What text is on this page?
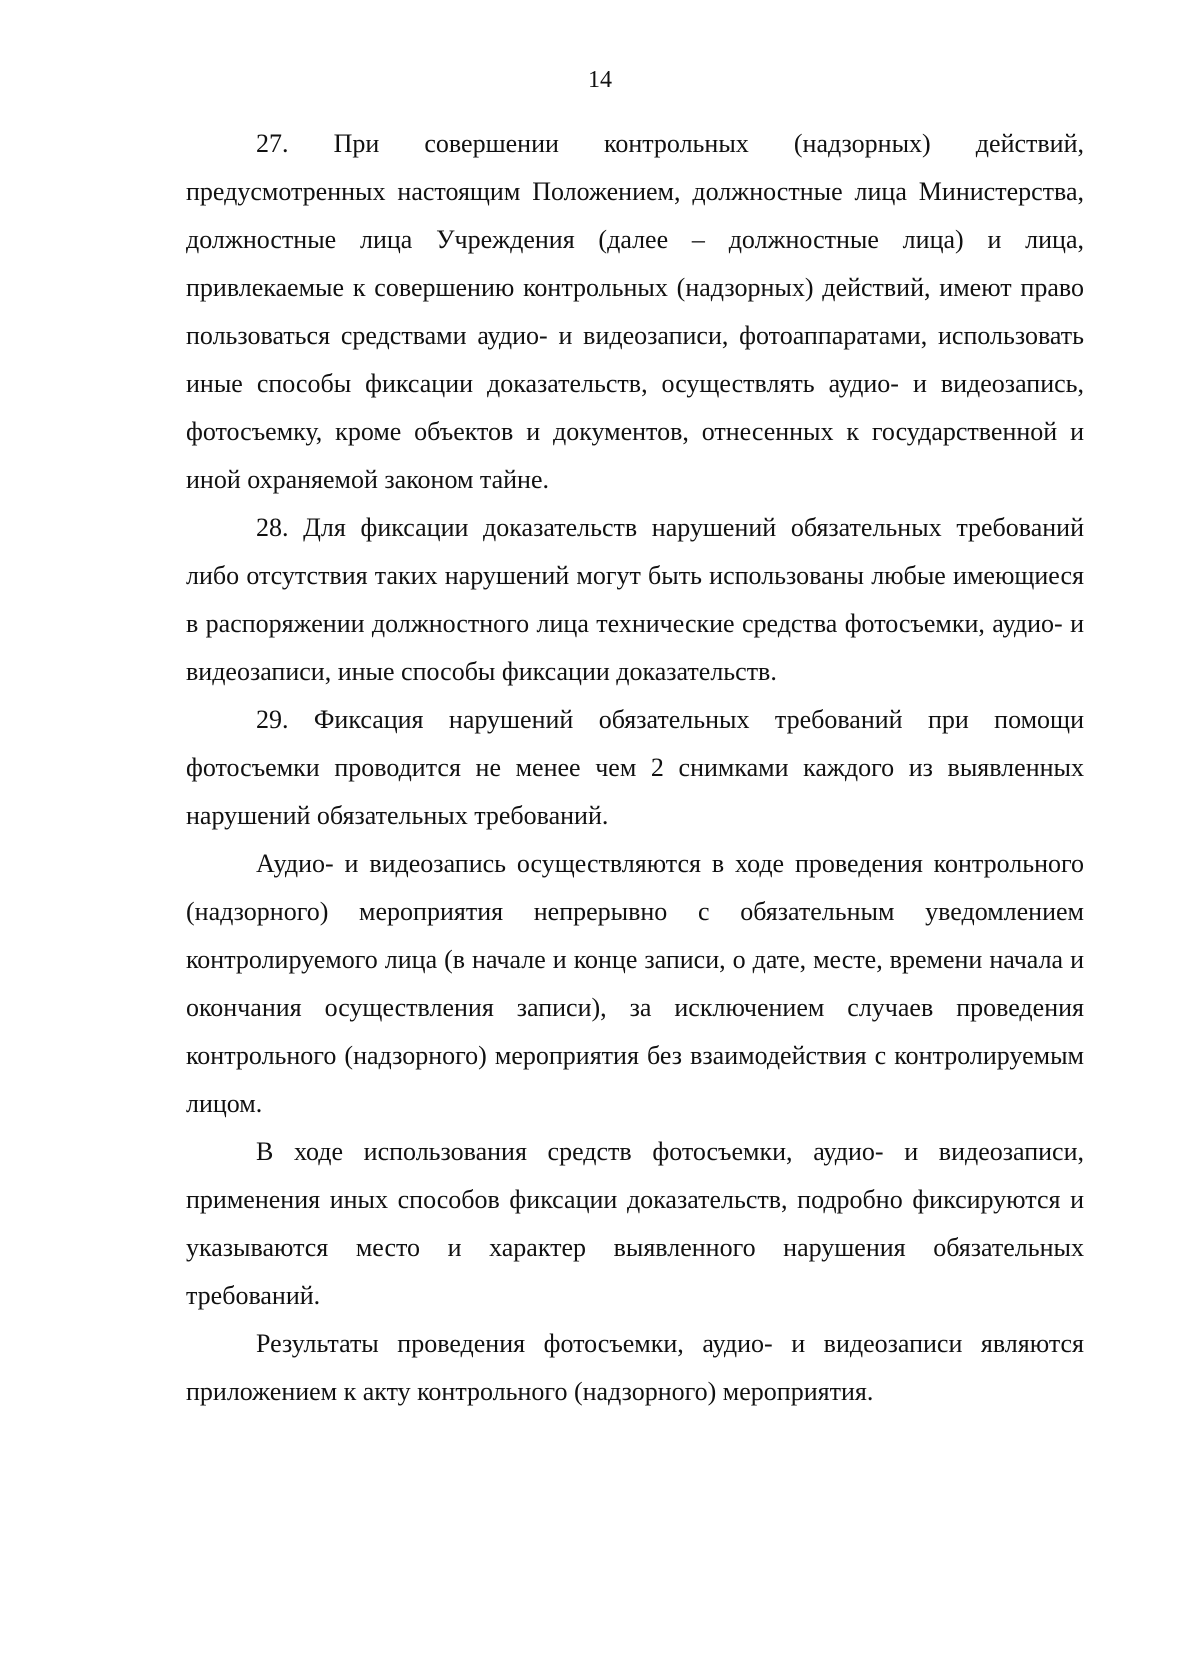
14

27. При совершении контрольных (надзорных) действий, предусмотренных настоящим Положением, должностные лица Министерства, должностные лица Учреждения (далее – должностные лица) и лица, привлекаемые к совершению контрольных (надзорных) действий, имеют право пользоваться средствами аудио- и видеозаписи, фотоаппаратами, использовать иные способы фиксации доказательств, осуществлять аудио- и видеозапись, фотосъемку, кроме объектов и документов, отнесенных к государственной и иной охраняемой законом тайне.

28. Для фиксации доказательств нарушений обязательных требований либо отсутствия таких нарушений могут быть использованы любые имеющиеся в распоряжении должностного лица технические средства фотосъемки, аудио- и видеозаписи, иные способы фиксации доказательств.

29. Фиксация нарушений обязательных требований при помощи фотосъемки проводится не менее чем 2 снимками каждого из выявленных нарушений обязательных требований.

Аудио- и видеозапись осуществляются в ходе проведения контрольного (надзорного) мероприятия непрерывно с обязательным уведомлением контролируемого лица (в начале и конце записи, о дате, месте, времени начала и окончания осуществления записи), за исключением случаев проведения контрольного (надзорного) мероприятия без взаимодействия с контролируемым лицом.

В ходе использования средств фотосъемки, аудио- и видеозаписи, применения иных способов фиксации доказательств, подробно фиксируются и указываются место и характер выявленного нарушения обязательных требований.

Результаты проведения фотосъемки, аудио- и видеозаписи являются приложением к акту контрольного (надзорного) мероприятия.
